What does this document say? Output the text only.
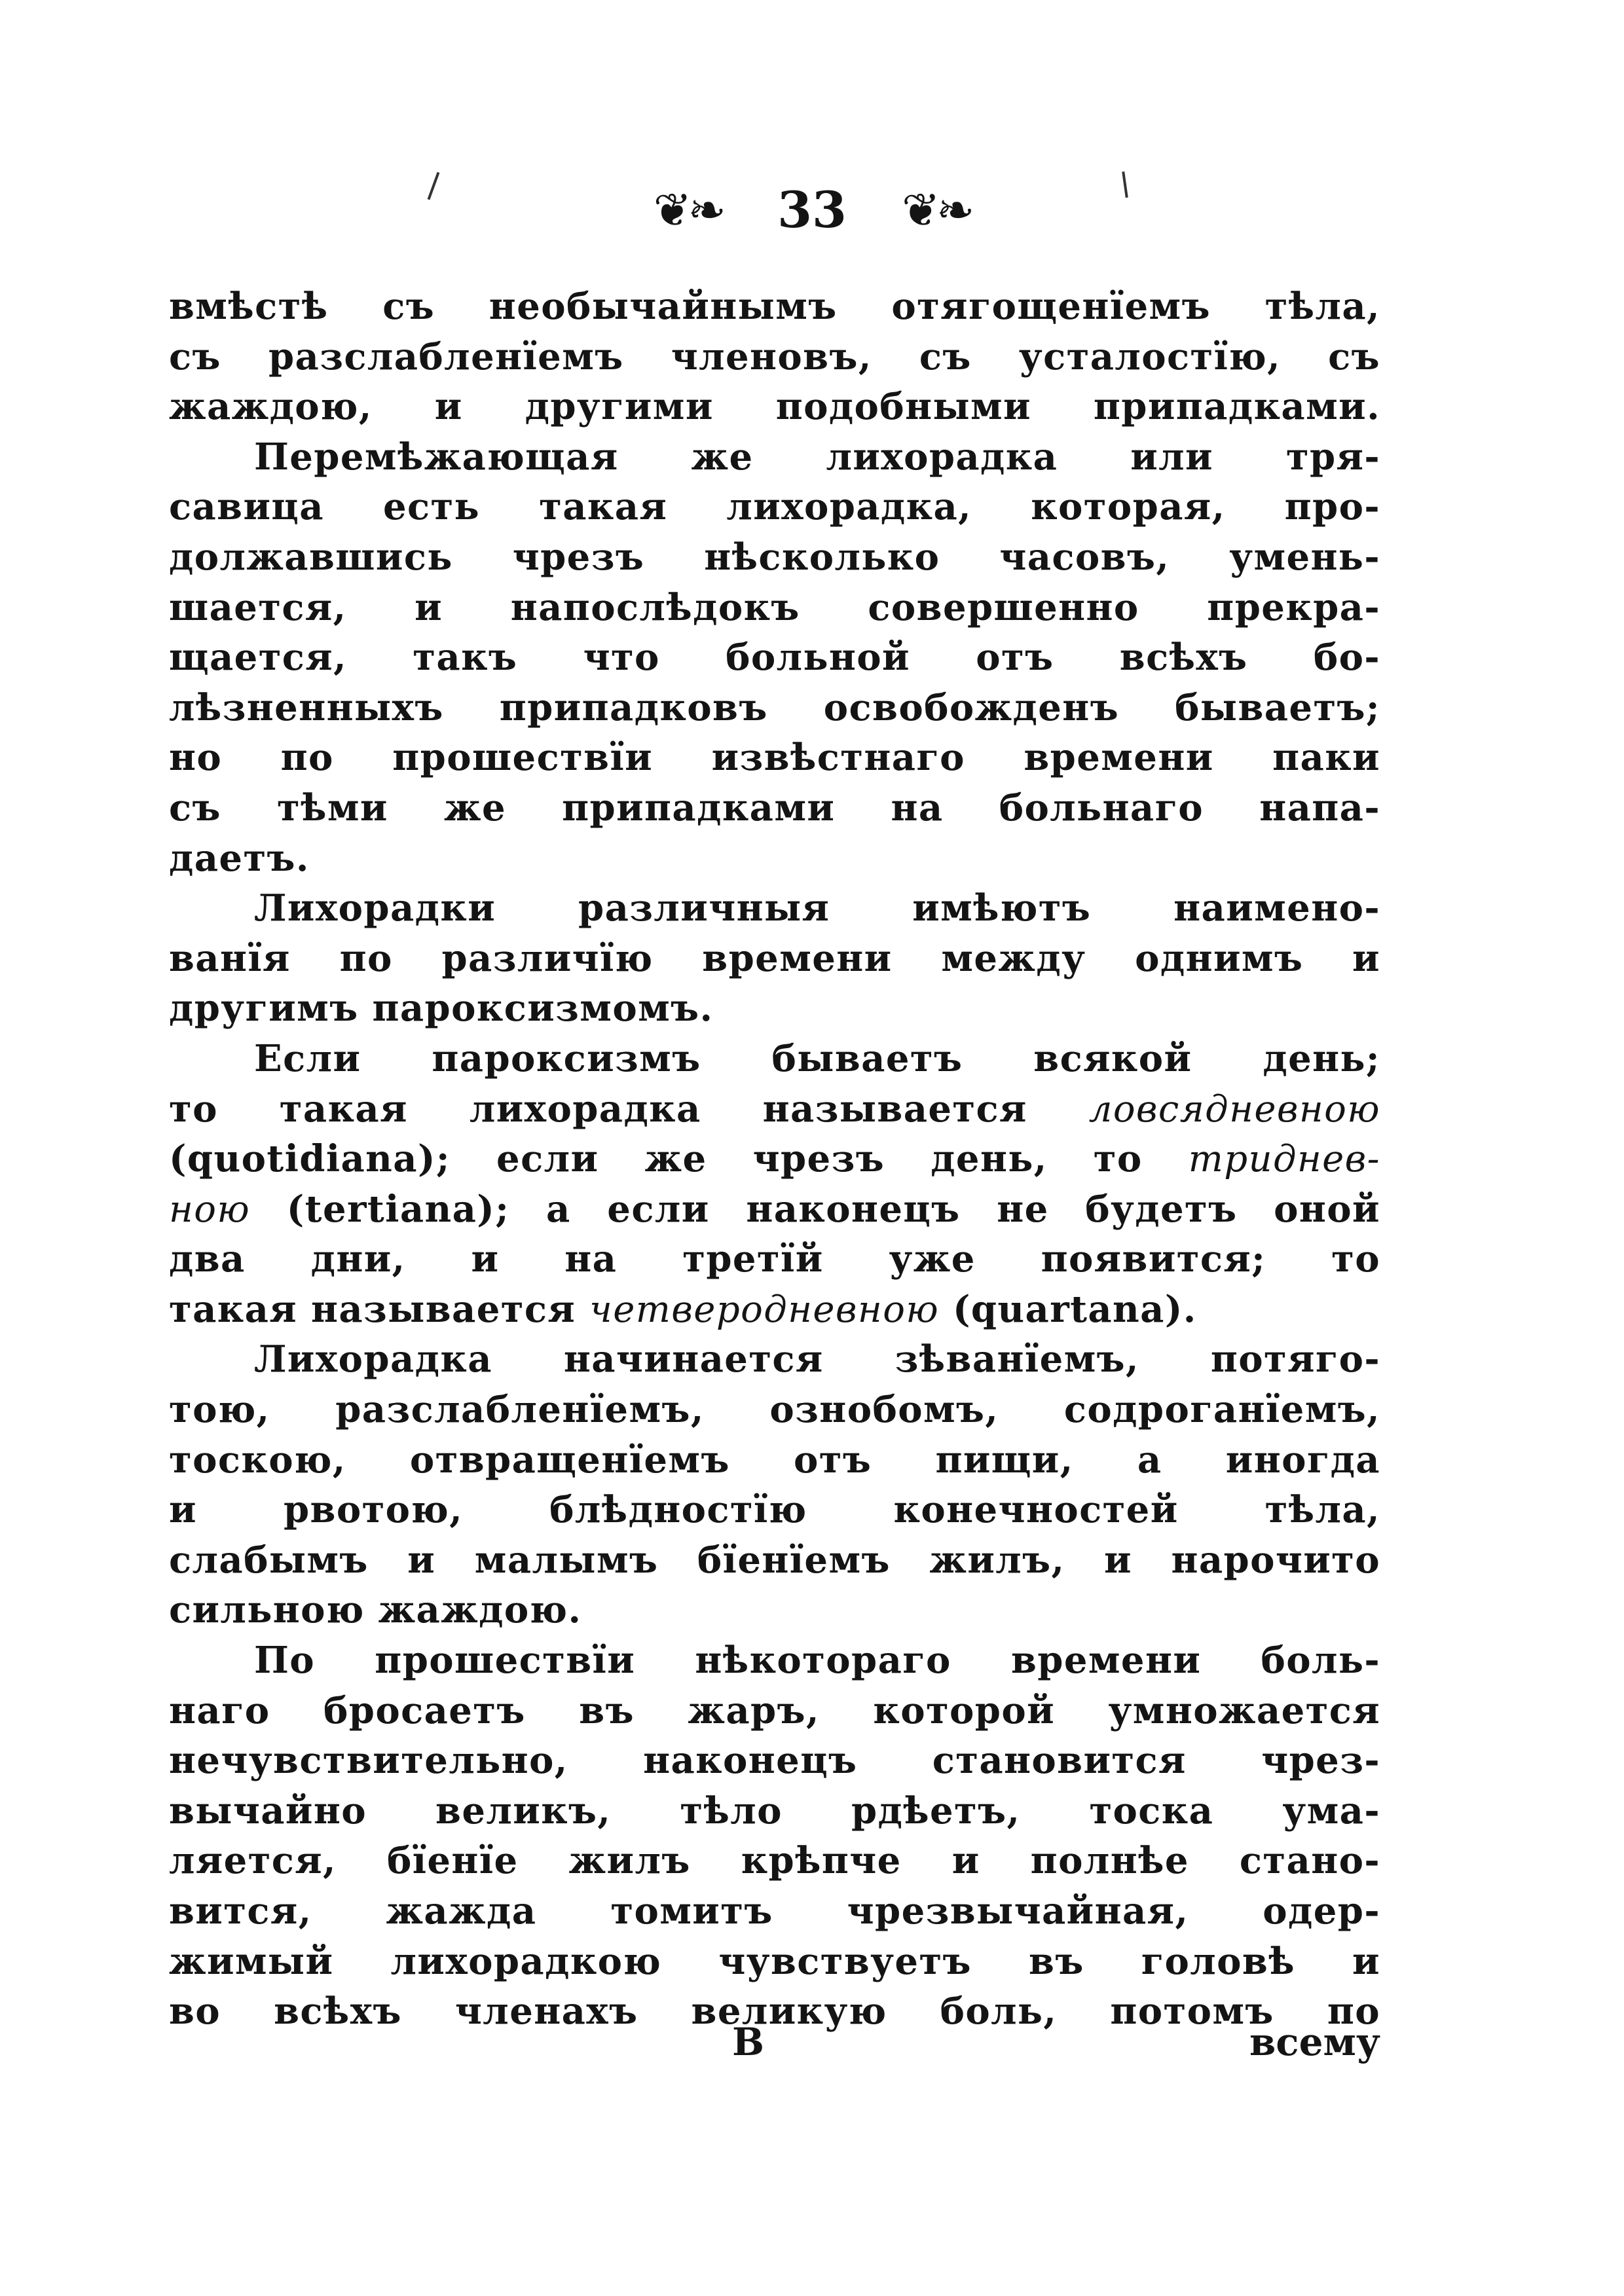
❦❧ 33 ❦❧
вмѣстѣ съ необычайнымъ отягощенїемъ тѣла,
съ разслабленїемъ членовъ, съ усталостїю, съ
жаждою, и другими подобными припадками.
Перемѣжающая же лихорадка или тря-
савица есть такая лихорадка, которая, про-
должавшись чрезъ нѣсколько часовъ, умень-
шается, и напослѣдокъ совершенно прекра-
щается, такъ что больной отъ всѣхъ бо-
лѣзненныхъ припадковъ освобожденъ бываетъ;
но по прошествїи извѣстнаго времени паки
съ тѣми же припадками на больнаго напа-
даетъ.
Лихорадки различныя имѣютъ наимено-
ванїя по различїю времени между однимъ и
другимъ пароксизмомъ.
Если пароксизмъ бываетъ всякой день;
то такая лихорадка называется ловсядневною
(quotidiana); если же чрезъ день, то триднев-
ною (tertiana); а если наконецъ не будетъ оной
два дни, и на третїй уже появится; то
такая называется четверодневною (quartana).
Лихорадка начинается зѣванїемъ, потяго-
тою, разслабленїемъ, ознобомъ, содроганїемъ,
тоскою, отвращенїемъ отъ пищи, а иногда
и рвотою, блѣдностїю конечностей тѣла,
слабымъ и малымъ бїенїемъ жилъ, и нарочито
сильною жаждою.
По прошествїи нѣкотораго времени боль-
наго бросаетъ въ жаръ, которой умножается
нечувствительно, наконецъ становится чрез-
вычайно великъ, тѣло рдѣетъ, тоска ума-
ляется, бїенїе жилъ крѣпче и полнѣе стано-
вится, жажда томитъ чрезвычайная, одер-
жимый лихорадкою чувствуетъ въ головѣ и
во всѣхъ членахъ великую боль, потомъ по
B	всему
